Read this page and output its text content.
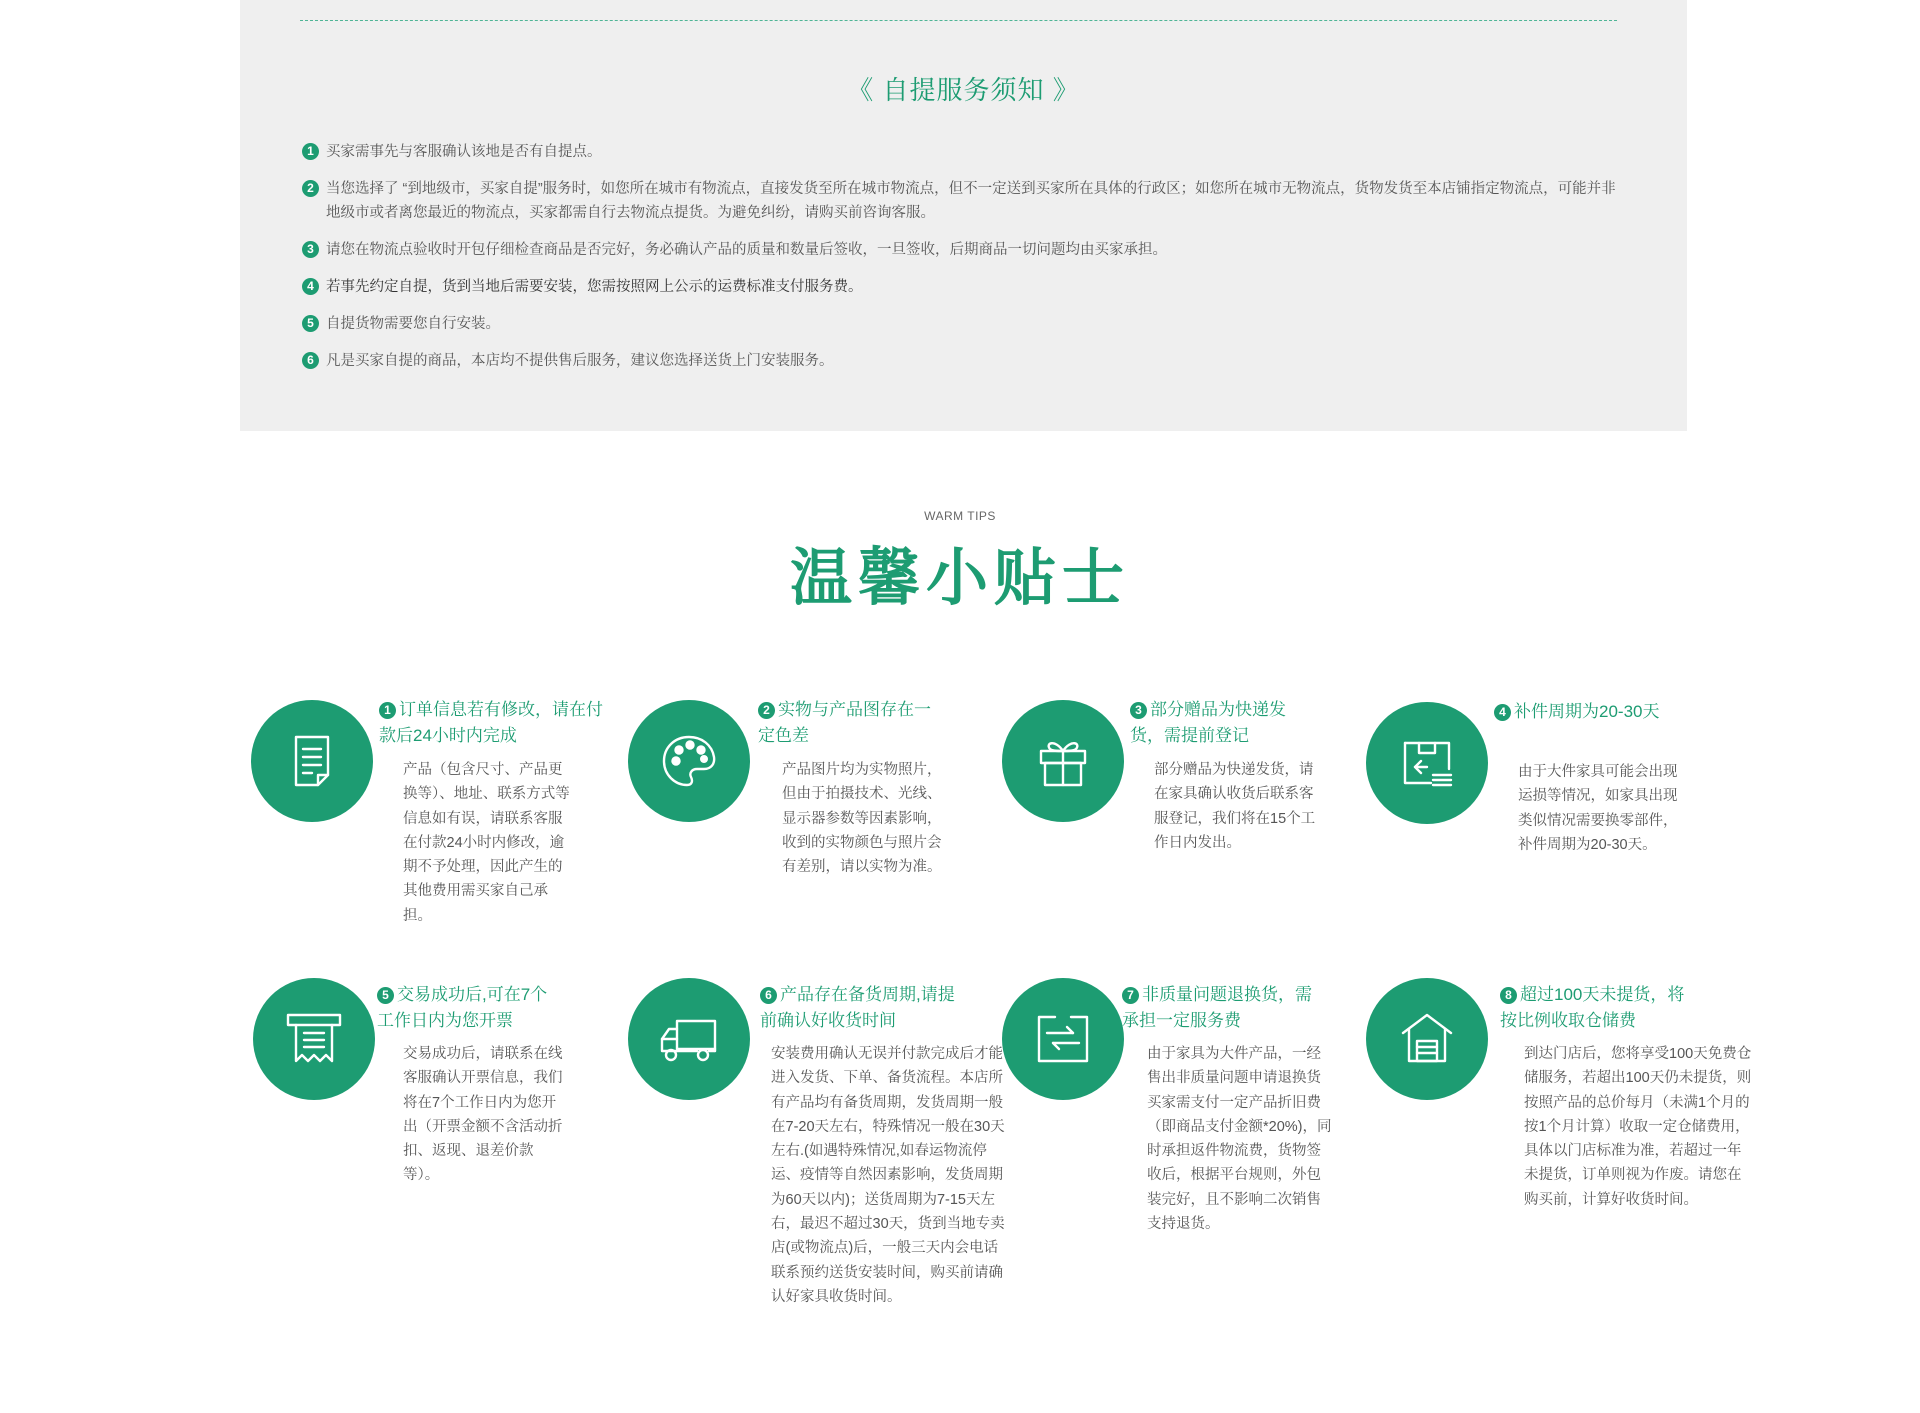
《 自提服务须知 》
1 买家需事先与客服确认该地是否有自提点。
2 当您选择了 “到地级市，买家自提”服务时，如您所在城市有物流点，直接发货至所在城市物流点，但不一定送到买家所在具体的行政区；如您所在城市无物流点，货物发货至本店铺指定物流点，可能并非地级市或者离您最近的物流点，买家都需自行去物流点提货。为避免纠纷，请购买前咨询客服。
3 请您在物流点验收时开包仔细检查商品是否完好，务必确认产品的质量和数量后签收，一旦签收，后期商品一切问题均由买家承担。
4 若事先约定自提，货到当地后需要安装，您需按照网上公示的运费标准支付服务费。
5 自提货物需要您自行安装。
6 凡是买家自提的商品，本店均不提供售后服务，建议您选择送货上门安装服务。
WARM TIPS
温馨小贴士
1 订单信息若有修改，请在付款后24小时内完成
产品（包含尺寸、产品更换等）、地址、联系方式等信息如有误，请联系客服在付款24小时内修改，逾期不予处理，因此产生的其他费用需买家自己承担。
2 实物与产品图存在一定色差
产品图片均为实物照片，但由于拍摄技术、光线、显示器参数等因素影响，收到的实物颜色与照片会有差别，请以实物为准。
3 部分赠品为快递发货，需提前登记
部分赠品为快递发货，请在家具确认收货后联系客服登记，我们将在15个工作日内发出。
4 补件周期为20-30天
由于大件家具可能会出现运损等情况，如家具出现类似情况需要换零部件，补件周期为20-30天。
5 交易成功后,可在7个工作日内为您开票
交易成功后，请联系在线客服确认开票信息，我们将在7个工作日内为您开出（开票金额不含活动折扣、返现、退差价款等）。
6 产品存在备货周期,请提前确认好收货时间
安装费用确认无误并付款完成后才能进入发货、下单、备货流程。本店所有产品均有备货周期，发货周期一般在7-20天左右，特殊情况一般在30天左右.(如遇特殊情况,如春运物流停运、疫情等自然因素影响，发货周期为60天以内)；送货周期为7-15天左右，最迟不超过30天，货到当地专卖店(或物流点)后，一般三天内会电话联系预约送货安装时间，购买前请确认好家具收货时间。
7 非质量问题退换货，需承担一定服务费
由于家具为大件产品，一经售出非质量问题申请退换货买家需支付一定产品折旧费（即商品支付金额*20%)，同时承担返件物流费，货物签收后，根据平台规则，外包装完好，且不影响二次销售支持退货。
8 超过100天未提货，将按比例收取仓储费
到达门店后，您将享受100天免费仓储服务，若超出100天仍未提货，则按照产品的总价每月（未满1个月的按1个月计算）收取一定仓储费用，具体以门店标准为准，若超过一年未提货，订单则视为作废。请您在购买前，计算好收货时间。
